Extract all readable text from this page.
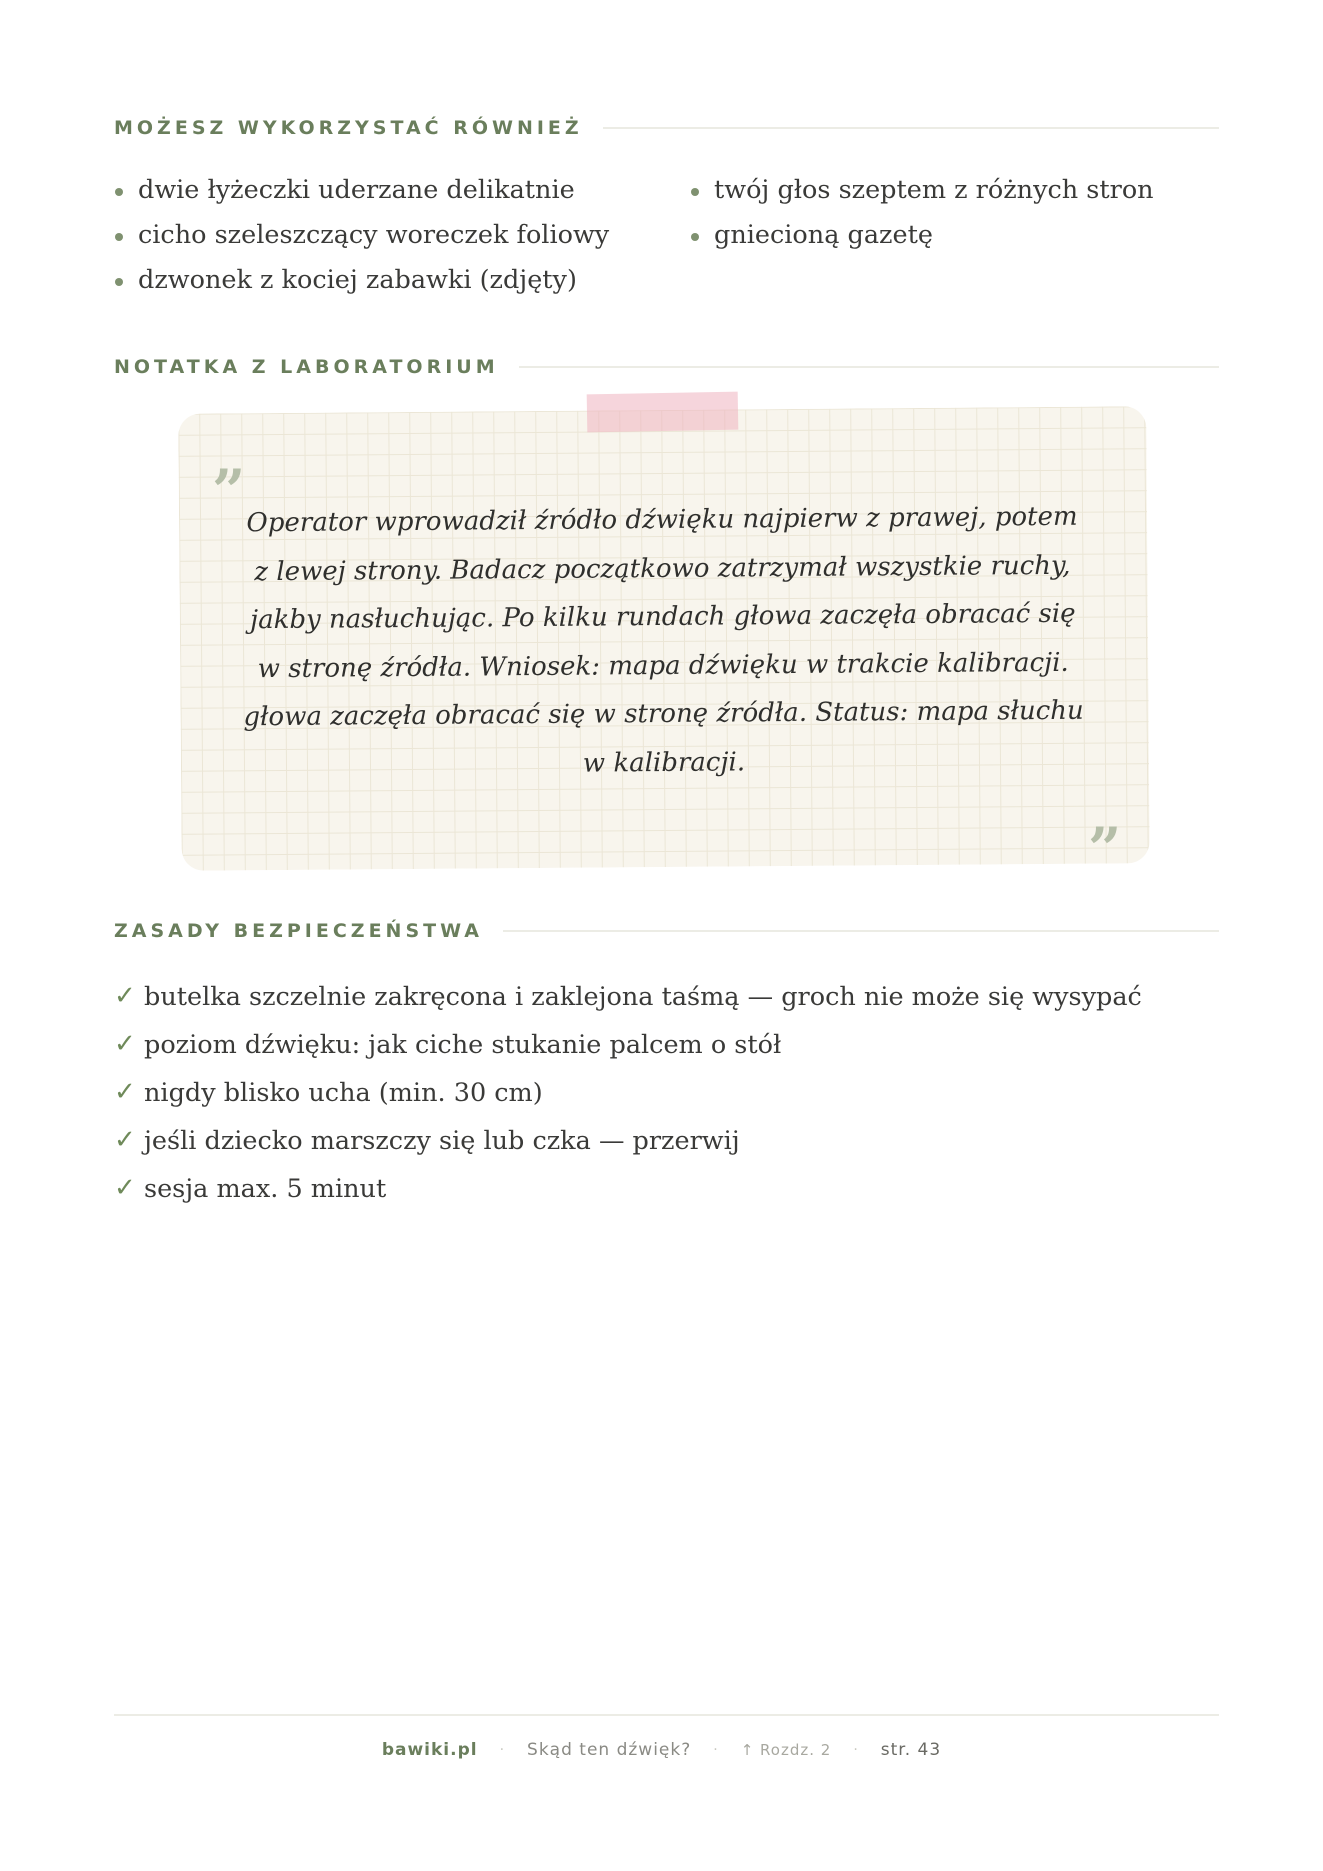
MOŻESZ WYKORZYSTAĆ RÓWNIEŻ
dwie łyżeczki uderzane delikatnie
cicho szeleszczący woreczek foliowy
dzwonek z kociej zabawki (zdjęty)
twój głos szeptem z różnych stron
gniecioną gazetę
NOTATKA Z LABORATORIUM
” Operator wprowadził źródło dźwięku najpierw z prawej, potem z lewej strony. Badacz początkowo zatrzymał wszystkie ruchy, jakby nasłuchując. Po kilku rundach głowa zaczęła obracać się w stronę źródła. Wniosek: mapa dźwięku w trakcie kalibracji. głowa zaczęła obracać się w stronę źródła. Status: mapa słuchu w kalibracji.

”
ZASADY BEZPIECZEŃSTWA
✓ butelka szczelnie zakręcona i zaklejona taśmą — groch nie może się wysypać
✓ poziom dźwięku: jak ciche stukanie palcem o stół
✓ nigdy blisko ucha (min. 30 cm)
✓ jeśli dziecko marszczy się lub czka — przerwij
✓ sesja max. 5 minut
bawiki.pl · Skąd ten dźwięk? · ↑ Rozdz. 2 · str. 43
